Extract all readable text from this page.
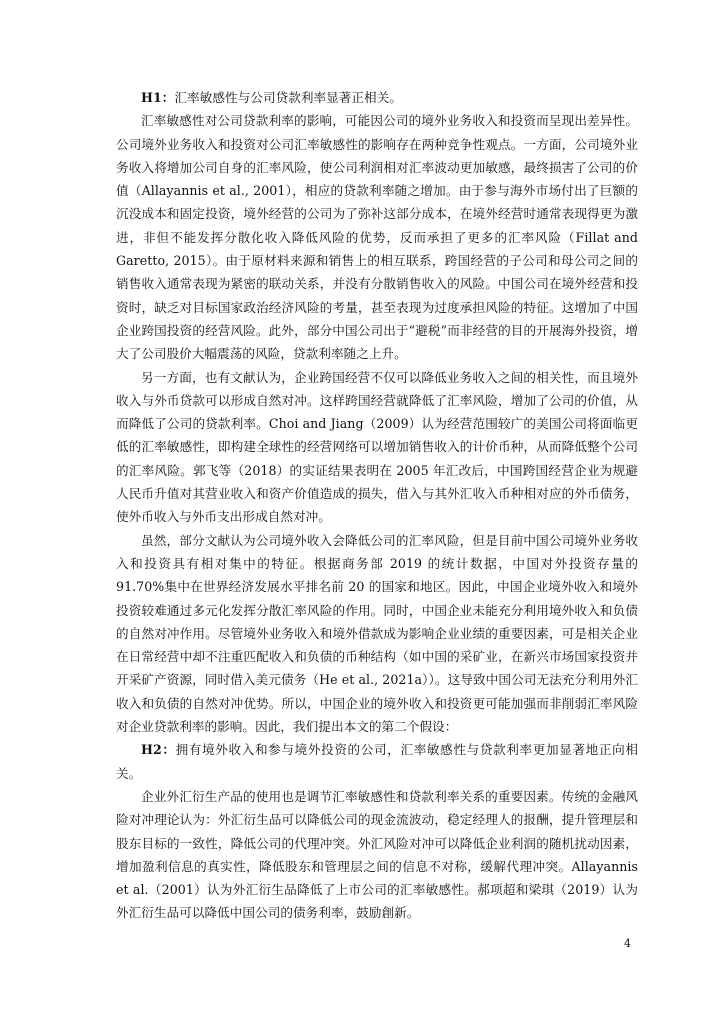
H1：汇率敏感性与公司贷款利率显著正相关。

汇率敏感性对公司贷款利率的影响，可能因公司的境外业务收入和投资而呈现出差异性。公司境外业务收入和投资对公司汇率敏感性的影响存在两种竞争性观点。一方面，公司境外业务收入将增加公司自身的汇率风险，使公司利润相对汇率波动更加敏感，最终损害了公司的价值（Allayannis et al., 2001），相应的贷款利率随之增加。由于参与海外市场付出了巨额的沉没成本和固定投资，境外经营的公司为了弥补这部分成本，在境外经营时通常表现得更为激进，非但不能发挥分散化收入降低风险的优势，反而承担了更多的汇率风险（Fillat and Garetto, 2015）。由于原材料来源和销售上的相互联系，跨国经营的子公司和母公司之间的销售收入通常表现为紧密的联动关系，并没有分散销售收入的风险。中国公司在境外经营和投资时，缺乏对目标国家政治经济风险的考量，甚至表现为过度承担风险的特征。这增加了中国企业跨国投资的经营风险。此外，部分中国公司出于“避税”而非经营的目的开展海外投资，增大了公司股价大幅震荡的风险，贷款利率随之上升。

另一方面，也有文献认为，企业跨国经营不仅可以降低业务收入之间的相关性，而且境外收入与外币贷款可以形成自然对冲。这样跨国经营就降低了汇率风险，增加了公司的价值，从而降低了公司的贷款利率。Choi and Jiang（2009）认为经营范围较广的美国公司将面临更低的汇率敏感性，即构建全球性的经营网络可以增加销售收入的计价币种，从而降低整个公司的汇率风险。郭飞等（2018）的实证结果表明在 2005 年汇改后，中国跨国经营企业为规避人民币升值对其营业收入和资产价值造成的损失，借入与其外汇收入币种相对应的外币债务，使外币收入与外币支出形成自然对冲。

虽然，部分文献认为公司境外收入会降低公司的汇率风险，但是目前中国公司境外业务收入和投资具有相对集中的特征。根据商务部 2019 的统计数据，中国对外投资存量的 91.70%集中在世界经济发展水平排名前 20 的国家和地区。因此，中国企业境外收入和境外投资较难通过多元化发挥分散汇率风险的作用。同时，中国企业未能充分利用境外收入和负债的自然对冲作用。尽管境外业务收入和境外借款成为影响企业业绩的重要因素，可是相关企业在日常经营中却不注重匹配收入和负债的币种结构（如中国的采矿业，在新兴市场国家投资并开采矿产资源，同时借入美元债务（He et al., 2021a））。这导致中国公司无法充分利用外汇收入和负债的自然对冲优势。所以，中国企业的境外收入和投资更可能加强而非削弱汇率风险对企业贷款利率的影响。因此，我们提出本文的第二个假设：

H2：拥有境外收入和参与境外投资的公司，汇率敏感性与贷款利率更加显著地正向相关。

企业外汇衍生产品的使用也是调节汇率敏感性和贷款利率关系的重要因素。传统的金融风险对冲理论认为：外汇衍生品可以降低公司的现金流波动，稳定经理人的报酬，提升管理层和股东目标的一致性，降低公司的代理冲突。外汇风险对冲可以降低企业利润的随机扰动因素，增加盈利信息的真实性，降低股东和管理层之间的信息不对称，缓解代理冲突。Allayannis et al.（2001）认为外汇衍生品降低了上市公司的汇率敏感性。郝项超和梁琪（2019）认为外汇衍生品可以降低中国公司的债务利率，鼓励創新。

4
